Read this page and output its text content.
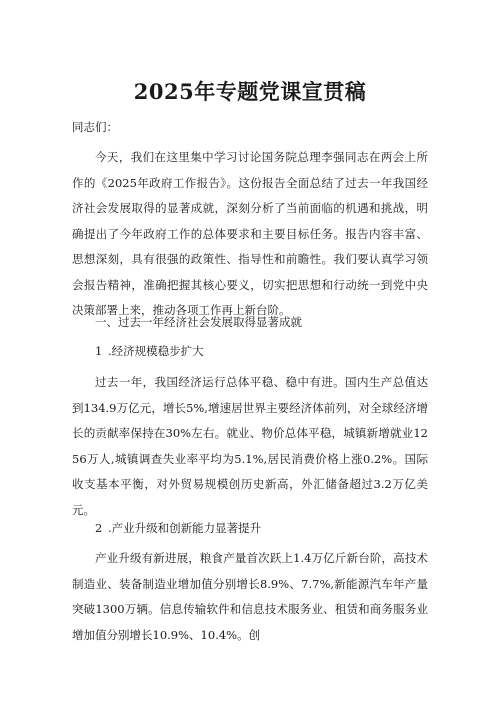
2025年专题党课宣贯稿
同志们：

今天，我们在这里集中学习讨论国务院总理李强同志在两会上所作的《2025年政府工作报告》。这份报告全面总结了过去一年我国经济社会发展取得的显著成就，深刻分析了当前面临的机遇和挑战，明确提出了今年政府工作的总体要求和主要目标任务。报告内容丰富、思想深刻，具有很强的政策性、指导性和前瞻性。我们要认真学习领会报告精神，准确把握其核心要义，切实把思想和行动统一到党中央决策部署上来，推动各项工作再上新台阶。

一、过去一年经济社会发展取得显著成就
1 .经济规模稳步扩大

过去一年，我国经济运行总体平稳、稳中有进。国内生产总值达到134.9万亿元，增长5%,增速居世界主要经济体前列，对全球经济增长的贡献率保持在30%左右。就业、物价总体平稳，城镇新增就业1256万人,城镇调查失业率平均为5.1%,居民消费价格上涨0.2%。国际收支基本平衡，对外贸易规模创历史新高，外汇储备超过3.2万亿美元。

2 .产业升级和创新能力显著提升

产业升级有新进展，粮食产量首次跃上1.4万亿斤新台阶，高技术制造业、装备制造业增加值分别增长8.9%、7.7%,新能源汽车年产量突破1300万辆。信息传输软件和信息技术服务业、租赁和商务服务业增加值分别增长10.9%、10.4%。创
